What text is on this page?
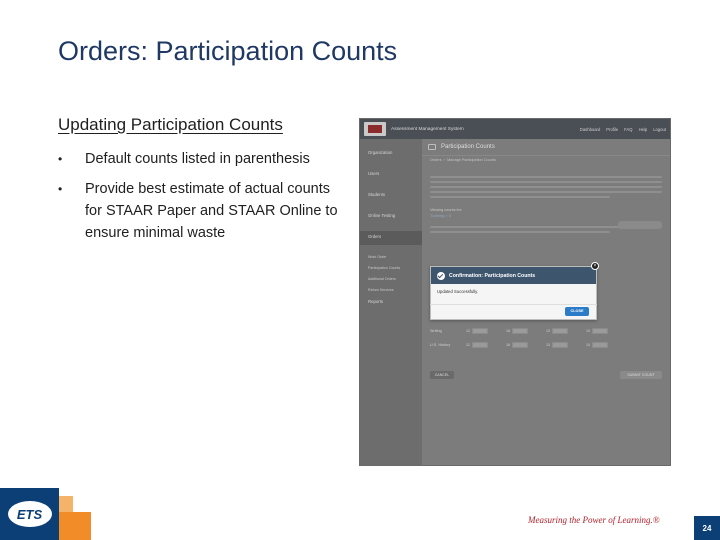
Orders: Participation Counts
Updating Participation Counts
• Default counts listed in parenthesis
• Provide best estimate of actual counts for STAAR Paper and STAAR Online to ensure minimal waste
Assessment Management System	Dashboard Profile FAQ Help Logout
Organization
Users
Students
Online Testing
Orders
Work Order
Participation Counts
Additional Orders
Return Services
Reports
Participation Counts
Orders  ›  Manage Participation Counts
Viewing counts for:
Training > 5
Writing	12	16	13	10
U.S. History	12	16	13	10
CANCEL	SUBMIT COUNT
Confirmation: Participation Counts
Updated Successfully.
×
CLOSE
ETS	Measuring the Power of Learning.®
24
